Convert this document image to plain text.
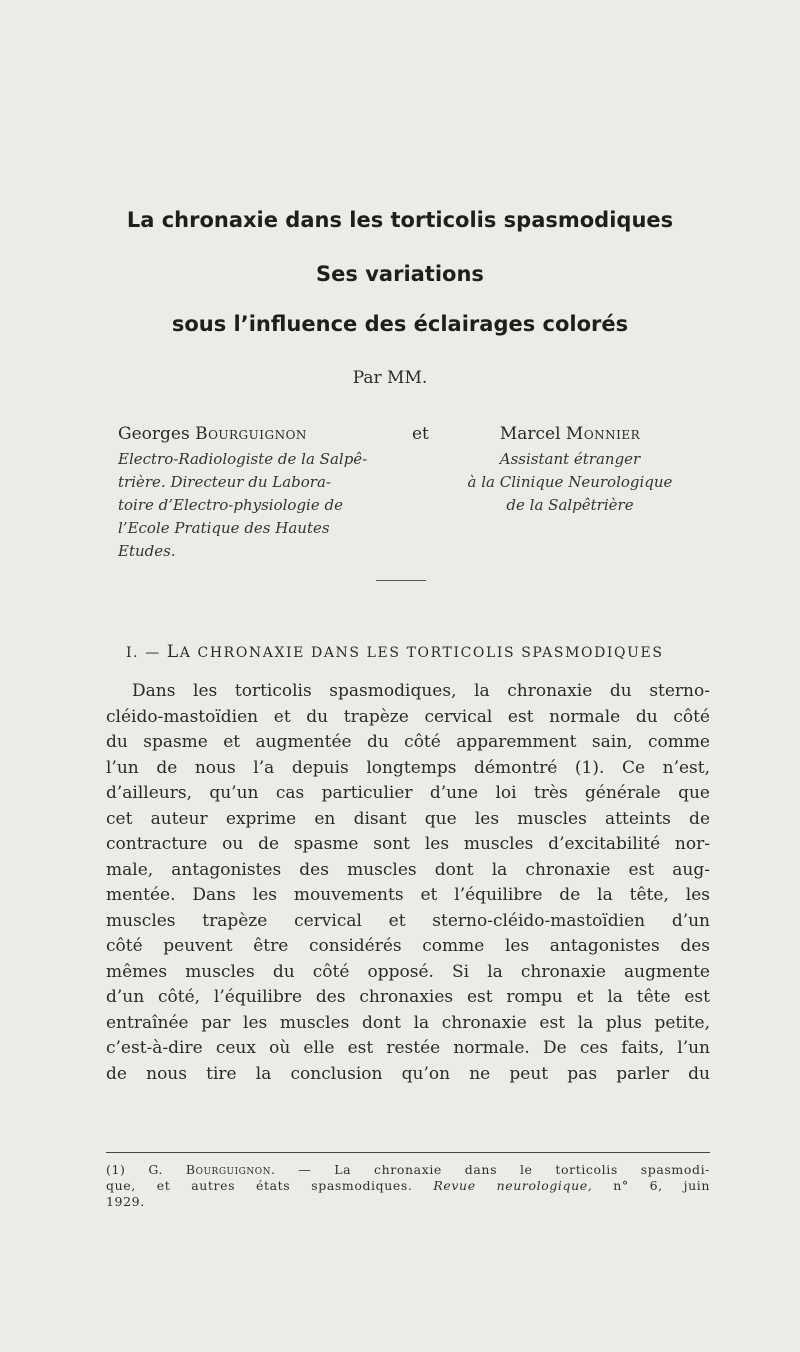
La chronaxie dans les torticolis spasmodiques
Ses variations
sous l’influence des éclairages colorés
Par MM.
Georges Bourguignon	et	Marcel Monnier
Electro-Radiologiste de la Salpê-
trière. Directeur du Labora-
toire d’Electro-physiologie de
l’Ecole Pratique des Hautes
Etudes.
Assistant étranger
à la Clinique Neurologique
de la Salpêtrière
I. — LA CHRONAXIE DANS LES TORTICOLIS SPASMODIQUES
Dans les torticolis spasmodiques, la chronaxie du sterno-
cléido-mastoïdien et du trapèze cervical est normale du côté
du spasme et augmentée du côté apparemment sain, comme
l’un de nous l’a depuis longtemps démontré (1). Ce n’est,
d’ailleurs, qu’un cas particulier d’une loi très générale que
cet auteur exprime en disant que les muscles atteints de
contracture ou de spasme sont les muscles d’excitabilité nor-
male, antagonistes des muscles dont la chronaxie est aug-
mentée. Dans les mouvements et l’équilibre de la tête, les
muscles trapèze cervical et sterno-cléido-mastoïdien d’un
côté peuvent être considérés comme les antagonistes des
mêmes muscles du côté opposé. Si la chronaxie augmente
d’un côté, l’équilibre des chronaxies est rompu et la tête est
entraînée par les muscles dont la chronaxie est la plus petite,
c’est-à-dire ceux où elle est restée normale. De ces faits, l’un
de nous tire la conclusion qu’on ne peut pas parler du
(1) G. Bourguignon. — La chronaxie dans le torticolis spasmodi-
que, et autres états spasmodiques. Revue neurologique, n° 6, juin
1929.
